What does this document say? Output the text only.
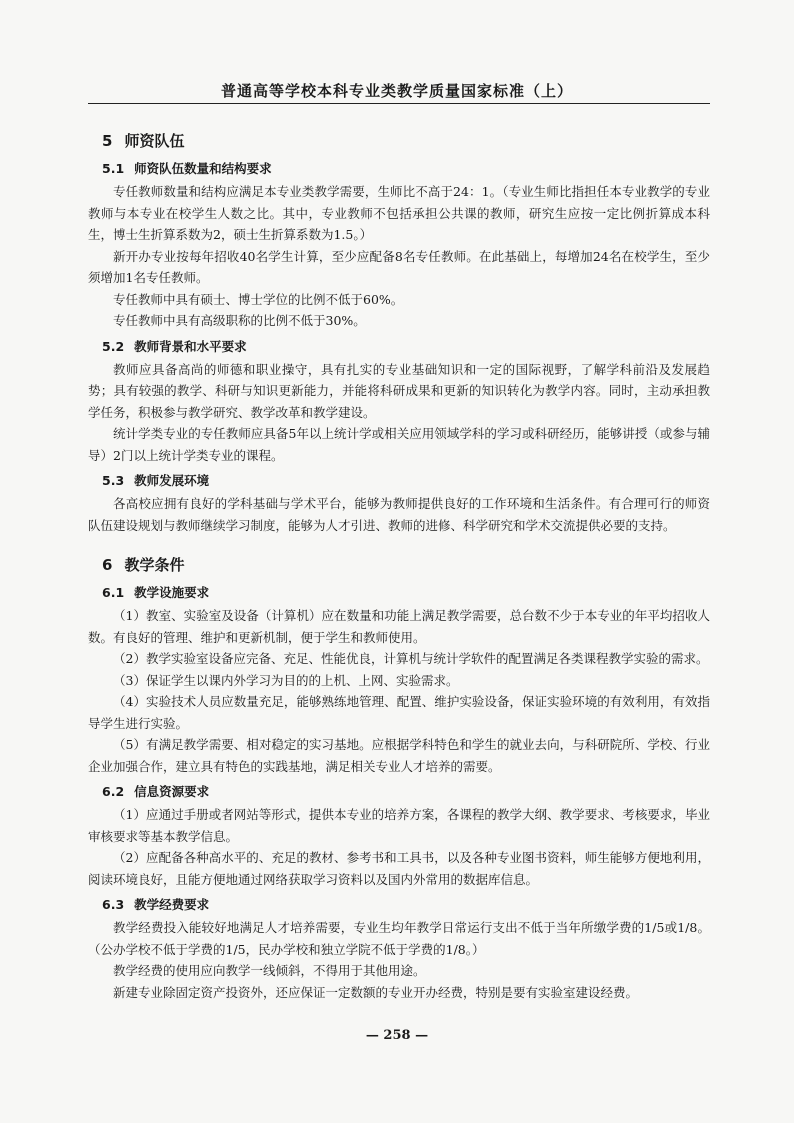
普通高等学校本科专业类教学质量国家标准（上）
5 师资队伍
5.1 师资队伍数量和结构要求

专任教师数量和结构应满足本专业类教学需要，生师比不高于24：1。（专业生师比指担任本专业教学的专业教师与本专业在校学生人数之比。其中，专业教师不包括承担公共课的教师，研究生应按一定比例折算成本科生，博士生折算系数为2，硕士生折算系数为1.5。）

新开办专业按每年招收40名学生计算，至少应配备8名专任教师。在此基础上，每增加24名在校学生，至少须增加1名专任教师。

专任教师中具有硕士、博士学位的比例不低于60%。

专任教师中具有高级职称的比例不低于30%。

5.2 教师背景和水平要求

教师应具备高尚的师德和职业操守，具有扎实的专业基础知识和一定的国际视野，了解学科前沿及发展趋势；具有较强的教学、科研与知识更新能力，并能将科研成果和更新的知识转化为教学内容。同时，主动承担教学任务，积极参与教学研究、教学改革和教学建设。

统计学类专业的专任教师应具备5年以上统计学或相关应用领域学科的学习或科研经历，能够讲授（或参与辅导）2门以上统计学类专业的课程。

5.3 教师发展环境

各高校应拥有良好的学科基础与学术平台，能够为教师提供良好的工作环境和生活条件。有合理可行的师资队伍建设规划与教师继续学习制度，能够为人才引进、教师的进修、科学研究和学术交流提供必要的支持。

6 教学条件
6.1 教学设施要求

（1）教室、实验室及设备（计算机）应在数量和功能上满足教学需要，总台数不少于本专业的年平均招收人数。有良好的管理、维护和更新机制，便于学生和教师使用。

（2）教学实验室设备应完备、充足、性能优良，计算机与统计学软件的配置满足各类课程教学实验的需求。

（3）保证学生以课内外学习为目的的上机、上网、实验需求。

（4）实验技术人员应数量充足，能够熟练地管理、配置、维护实验设备，保证实验环境的有效利用，有效指导学生进行实验。

（5）有满足教学需要、相对稳定的实习基地。应根据学科特色和学生的就业去向，与科研院所、学校、行业企业加强合作，建立具有特色的实践基地，满足相关专业人才培养的需要。

6.2 信息资源要求

（1）应通过手册或者网站等形式，提供本专业的培养方案，各课程的教学大纲、教学要求、考核要求，毕业审核要求等基本教学信息。

（2）应配备各种高水平的、充足的教材、参考书和工具书，以及各种专业图书资料，师生能够方便地利用，阅读环境良好，且能方便地通过网络获取学习资料以及国内外常用的数据库信息。

6.3 教学经费要求

教学经费投入能较好地满足人才培养需要，专业生均年教学日常运行支出不低于当年所缴学费的1/5或1/8。（公办学校不低于学费的1/5，民办学校和独立学院不低于学费的1/8。）

教学经费的使用应向教学一线倾斜，不得用于其他用途。

新建专业除固定资产投资外，还应保证一定数额的专业开办经费，特别是要有实验室建设经费。

— 258 —
